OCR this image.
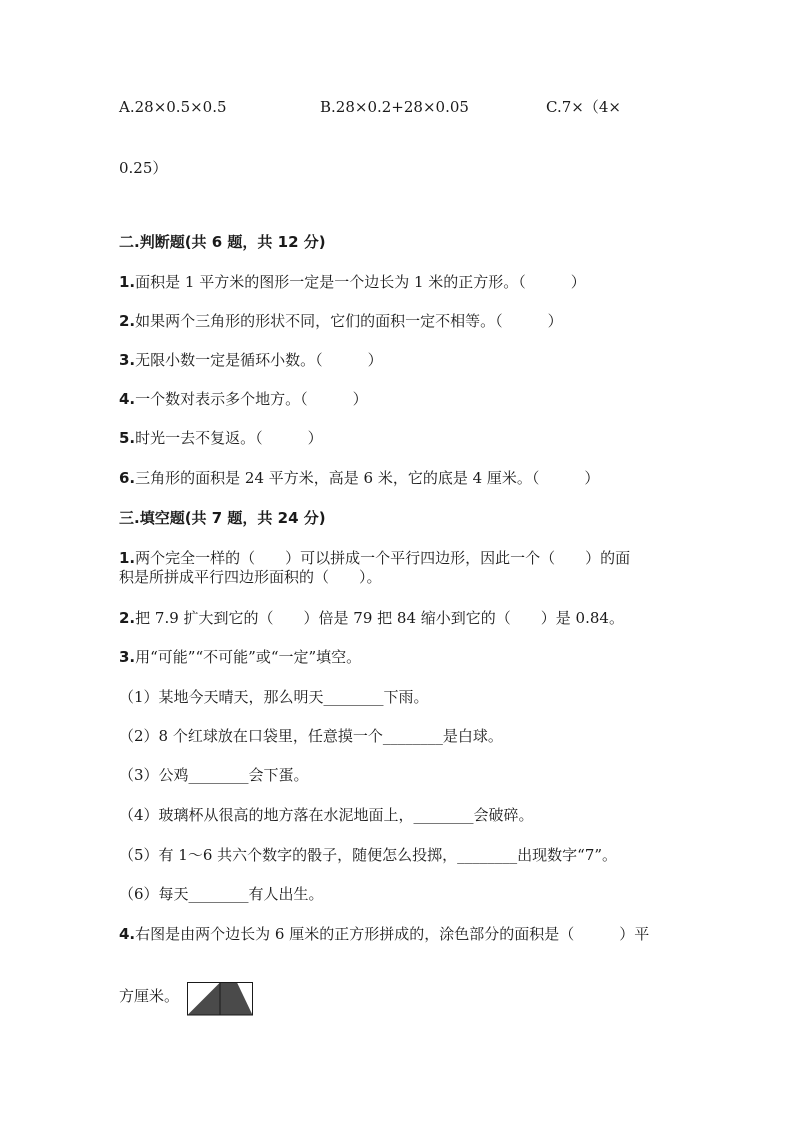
A.28×0.5×0.5	B.28×0.2+28×0.05	C.7×（4×
0.25）
二.判断题(共 6 题，共 12 分)
1.面积是 1 平方米的图形一定是一个边长为 1 米的正方形。（　　　）
2.如果两个三角形的形状不同，它们的面积一定不相等。（　　　）
3.无限小数一定是循环小数。（　　　）
4.一个数对表示多个地方。（　　　）
5.时光一去不复返。（　　　）
6.三角形的面积是 24 平方米，高是 6 米，它的底是 4 厘米。（　　　）
三.填空题(共 7 题，共 24 分)
1.两个完全一样的（　　）可以拼成一个平行四边形，因此一个（　　）的面
积是所拼成平行四边形面积的（　　）。
2.把 7.9 扩大到它的（　　）倍是 79 把 84 缩小到它的（　　）是 0.84。
3.用“可能”“不可能”或“一定”填空。
（1）某地今天晴天，那么明天________下雨。
（2）8 个红球放在口袋里，任意摸一个________是白球。
（3）公鸡________会下蛋。
（4）玻璃杯从很高的地方落在水泥地面上，________会破碎。
（5）有 1～6 共六个数字的骰子，随便怎么投掷，________出现数字“7”。
（6）每天________有人出生。
4.右图是由两个边长为 6 厘米的正方形拼成的，涂色部分的面积是（　　　）平
方厘米。
